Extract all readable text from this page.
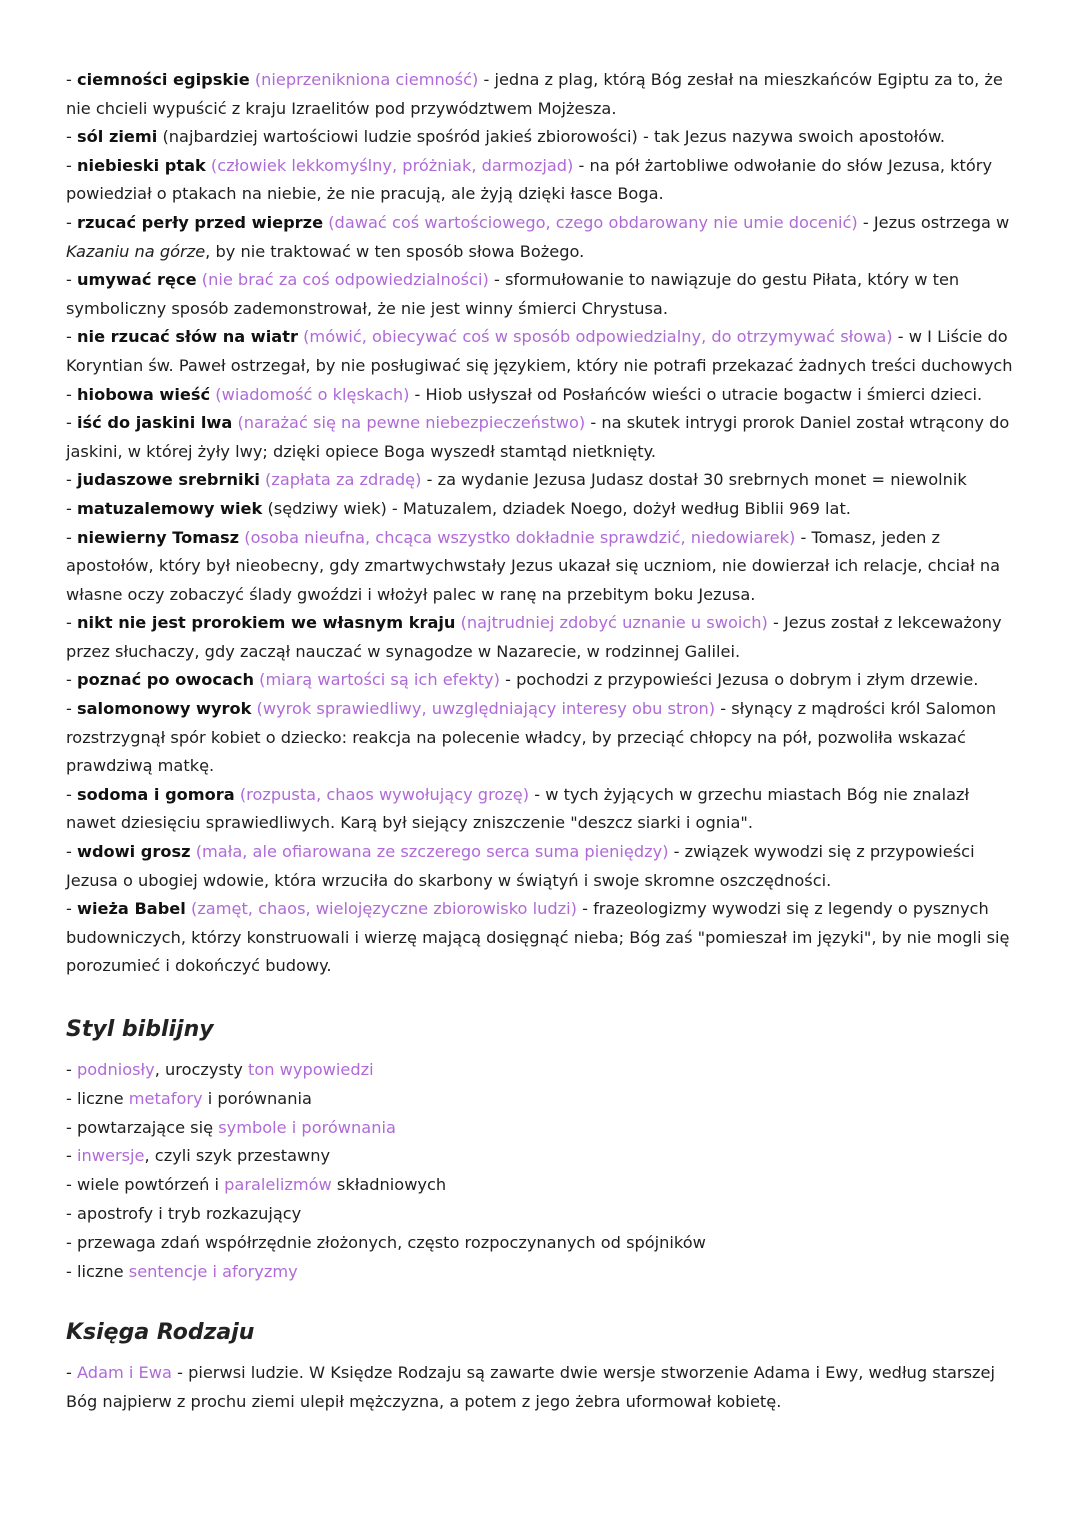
- ciemności egipskie (nieprzenikniona ciemność) - jedna z plag, którą Bóg zesłał na mieszkańców Egiptu za to, że nie chcieli wypuścić z kraju Izraelitów pod przywództwem Mojżesza.

- sól ziemi (najbardziej wartościowi ludzie spośród jakieś zbiorowości) - tak Jezus nazywa swoich apostołów.

- niebieski ptak (człowiek lekkomyślny, próżniak, darmozjad) - na pół żartobliwe odwołanie do słów Jezusa, który powiedział o ptakach na niebie, że nie pracują, ale żyją dzięki łasce Boga.

- rzucać perły przed wieprze (dawać coś wartościowego, czego obdarowany nie umie docenić) - Jezus ostrzega w Kazaniu na górze, by nie traktować w ten sposób słowa Bożego.

- umywać ręce (nie brać za coś odpowiedzialności) - sformułowanie to nawiązuje do gestu Piłata, który w ten symboliczny sposób zademonstrował, że nie jest winny śmierci Chrystusa.

- nie rzucać słów na wiatr (mówić, obiecywać coś w sposób odpowiedzialny, do otrzymywać słowa) - w I Liście do Koryntian św. Paweł ostrzegał, by nie posługiwać się językiem, który nie potrafi przekazać żadnych treści duchowych

- hiobowa wieść (wiadomość o klęskach) - Hiob usłyszał od Posłańców wieści o utracie bogactw i śmierci dzieci.

- iść do jaskini lwa (narażać się na pewne niebezpieczeństwo) - na skutek intrygi prorok Daniel został wtrącony do jaskini, w której żyły lwy; dzięki opiece Boga wyszedł stamtąd nietknięty.

- judaszowe srebrniki (zapłata za zdradę) - za wydanie Jezusa Judasz dostał 30 srebrnych monet = niewolnik

- matuzalemowy wiek (sędziwy wiek) - Matuzalem, dziadek Noego, dożył według Biblii 969 lat.

- niewierny Tomasz (osoba nieufna, chcąca wszystko dokładnie sprawdzić, niedowiarek) - Tomasz, jeden z apostołów, który był nieobecny, gdy zmartwychwstały Jezus ukazał się uczniom, nie dowierzał ich relacje, chciał na własne oczy zobaczyć ślady gwoździ i włożył palec w ranę na przebitym boku Jezusa.

- nikt nie jest prorokiem we własnym kraju (najtrudniej zdobyć uznanie u swoich) - Jezus został z lekceważony przez słuchaczy, gdy zaczął nauczać w synagodze w Nazarecie, w rodzinnej Galilei.

- poznać po owocach (miarą wartości są ich efekty) - pochodzi z przypowieści Jezusa o dobrym i złym drzewie.

- salomonowy wyrok (wyrok sprawiedliwy, uwzględniający interesy obu stron) - słynący z mądrości król Salomon rozstrzygnął spór kobiet o dziecko: reakcja na polecenie władcy, by przeciąć chłopcy na pół, pozwoliła wskazać prawdziwą matkę.

- sodoma i gomora (rozpusta, chaos wywołujący grozę) - w tych żyjących w grzechu miastach Bóg nie znalazł nawet dziesięciu sprawiedliwych. Karą był siejący zniszczenie "deszcz siarki i ognia".

- wdowi grosz (mała, ale ofiarowana ze szczerego serca suma pieniędzy) - związek wywodzi się z przypowieści Jezusa o ubogiej wdowie, która wrzuciła do skarbony w świątyń i swoje skromne oszczędności.

- wieża Babel (zamęt, chaos, wielojęzyczne zbiorowisko ludzi) - frazeologizmy wywodzi się z legendy o pysznych budowniczych, którzy konstruowali i wierzę mającą dosięgnąć nieba; Bóg zaś "pomieszał im języki", by nie mogli się porozumieć i dokończyć budowy.

Styl biblijny

- podniosły, uroczysty ton wypowiedzi

- liczne metafory i porównania

- powtarzające się symbole i porównania

- inwersje, czyli szyk przestawny

- wiele powtórzeń i paralelizmów składniowych

- apostrofy i tryb rozkazujący

- przewaga zdań współrzędnie złożonych, często rozpoczynanych od spójników

- liczne sentencje i aforyzmy

Księga Rodzaju

- Adam i Ewa - pierwsi ludzie. W Księdze Rodzaju są zawarte dwie wersje stworzenie Adama i Ewy, według starszej Bóg najpierw z prochu ziemi ulepił mężczyzna, a potem z jego żebra uformował kobietę.
